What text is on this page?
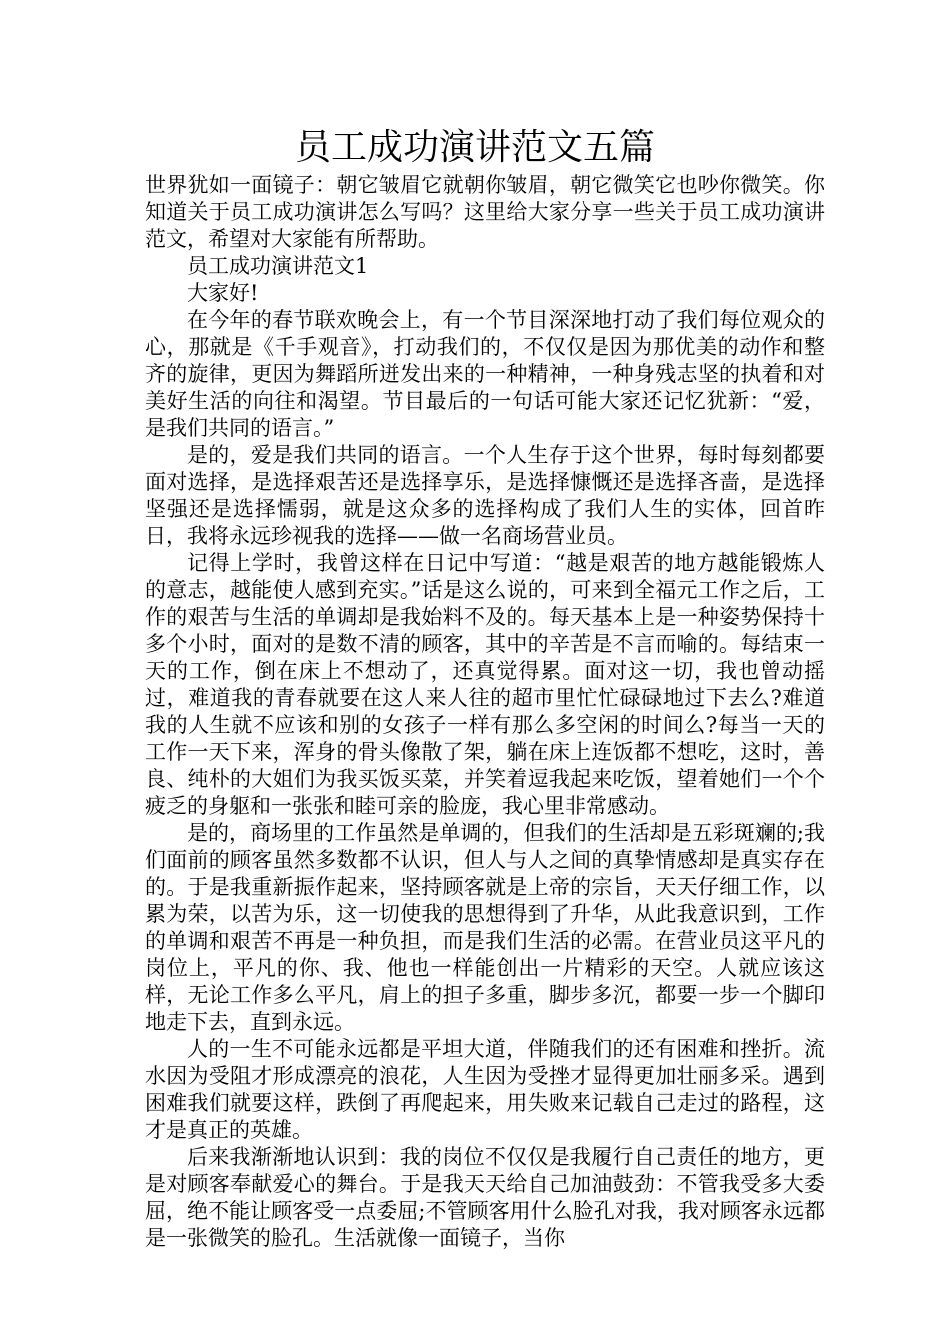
员工成功演讲范文五篇

世界犹如一面镜子：朝它皱眉它就朝你皱眉，朝它微笑它也吵你微笑。你知道关于员工成功演讲怎么写吗？这里给大家分享一些关于员工成功演讲范文，希望对大家能有所帮助。

员工成功演讲范文1

大家好!

在今年的春节联欢晚会上，有一个节目深深地打动了我们每位观众的心，那就是《千手观音》，打动我们的，不仅仅是因为那优美的动作和整齐的旋律，更因为舞蹈所迸发出来的一种精神，一种身残志坚的执着和对美好生活的向往和渴望。节目最后的一句话可能大家还记忆犹新：“爱，是我们共同的语言。”

是的，爱是我们共同的语言。一个人生存于这个世界，每时每刻都要面对选择，是选择艰苦还是选择享乐，是选择慷慨还是选择吝啬，是选择坚强还是选择懦弱，就是这众多的选择构成了我们人生的实体，回首昨日，我将永远珍视我的选择——做一名商场营业员。

记得上学时，我曾这样在日记中写道：“越是艰苦的地方越能锻炼人的意志，越能使人感到充实。”话是这么说的，可来到全福元工作之后，工作的艰苦与生活的单调却是我始料不及的。每天基本上是一种姿势保持十多个小时，面对的是数不清的顾客，其中的辛苦是不言而喻的。每结束一天的工作，倒在床上不想动了，还真觉得累。面对这一切，我也曾动摇过，难道我的青春就要在这人来人往的超市里忙忙碌碌地过下去么?难道我的人生就不应该和别的女孩子一样有那么多空闲的时间么?每当一天的工作一天下来，浑身的骨头像散了架，躺在床上连饭都不想吃，这时，善良、纯朴的大姐们为我买饭买菜，并笑着逗我起来吃饭，望着她们一个个疲乏的身躯和一张张和睦可亲的脸庞，我心里非常感动。

是的，商场里的工作虽然是单调的，但我们的生活却是五彩斑斓的;我们面前的顾客虽然多数都不认识，但人与人之间的真挚情感却是真实存在的。于是我重新振作起来，坚持顾客就是上帝的宗旨，天天仔细工作，以累为荣，以苦为乐，这一切使我的思想得到了升华，从此我意识到，工作的单调和艰苦不再是一种负担，而是我们生活的必需。在营业员这平凡的岗位上，平凡的你、我、他也一样能创出一片精彩的天空。人就应该这样，无论工作多么平凡，肩上的担子多重，脚步多沉，都要一步一个脚印地走下去，直到永远。

人的一生不可能永远都是平坦大道，伴随我们的还有困难和挫折。流水因为受阻才形成漂亮的浪花，人生因为受挫才显得更加壮丽多采。遇到困难我们就要这样，跌倒了再爬起来，用失败来记载自己走过的路程，这才是真正的英雄。

后来我渐渐地认识到：我的岗位不仅仅是我履行自己责任的地方，更是对顾客奉献爱心的舞台。于是我天天给自己加油鼓劲：不管我受多大委屈，绝不能让顾客受一点委屈;不管顾客用什么脸孔对我，我对顾客永远都是一张微笑的脸孔。生活就像一面镜子，当你
